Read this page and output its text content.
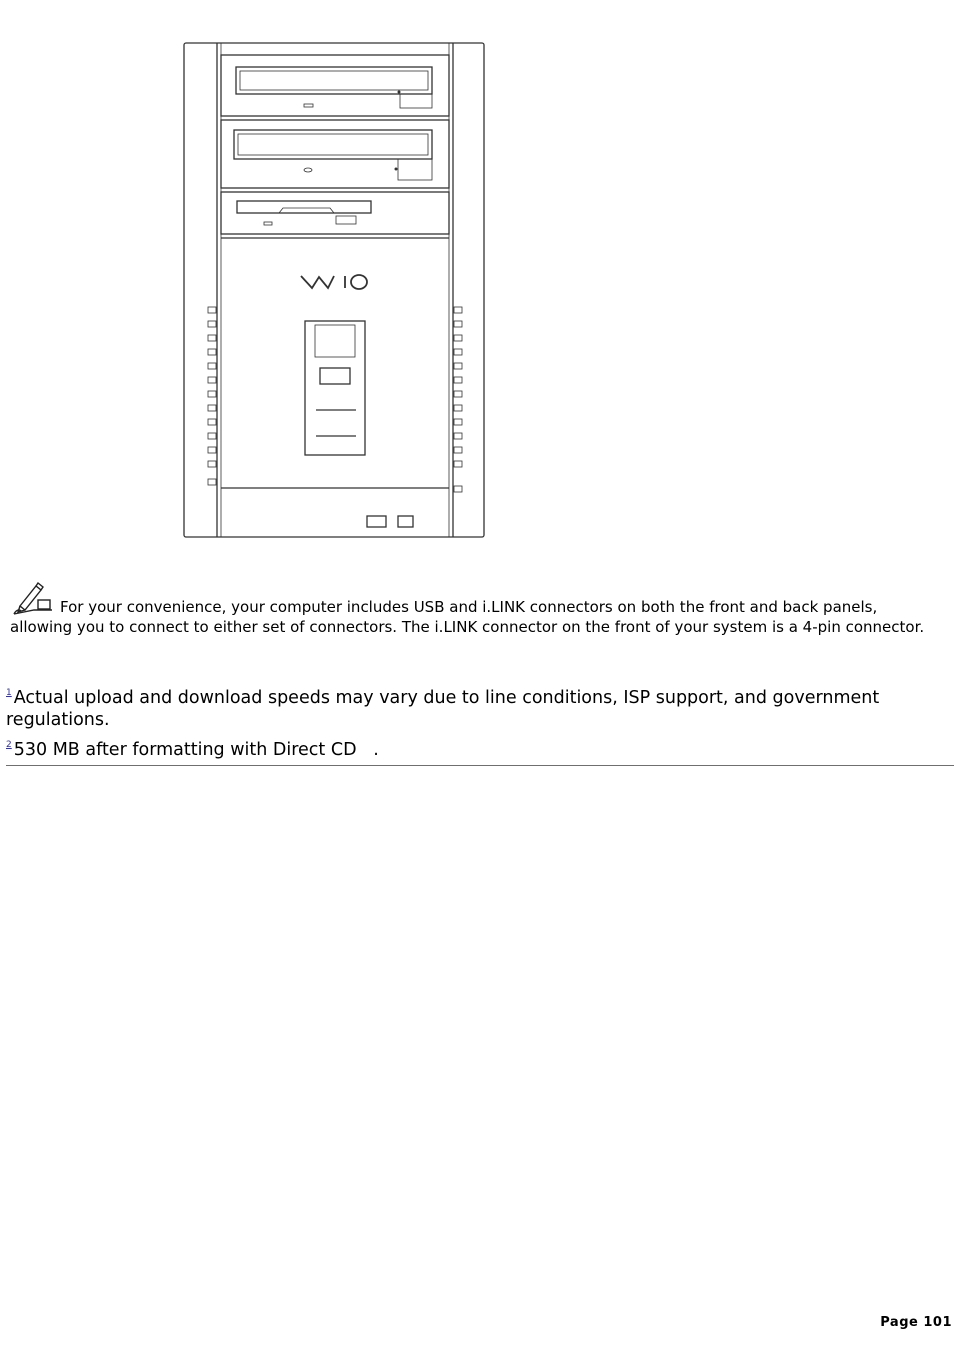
For your convenience, your computer includes USB and i.LINK connectors on both the front and back panels, allowing you to connect to either set of connectors. The i.LINK connector on the front of your system is a 4-pin connector.
$^1$ Actual upload and download speeds may vary due to line conditions, ISP support, and government regulations.
$^2$ 530 MB after formatting with Direct CD   .
Page 101
